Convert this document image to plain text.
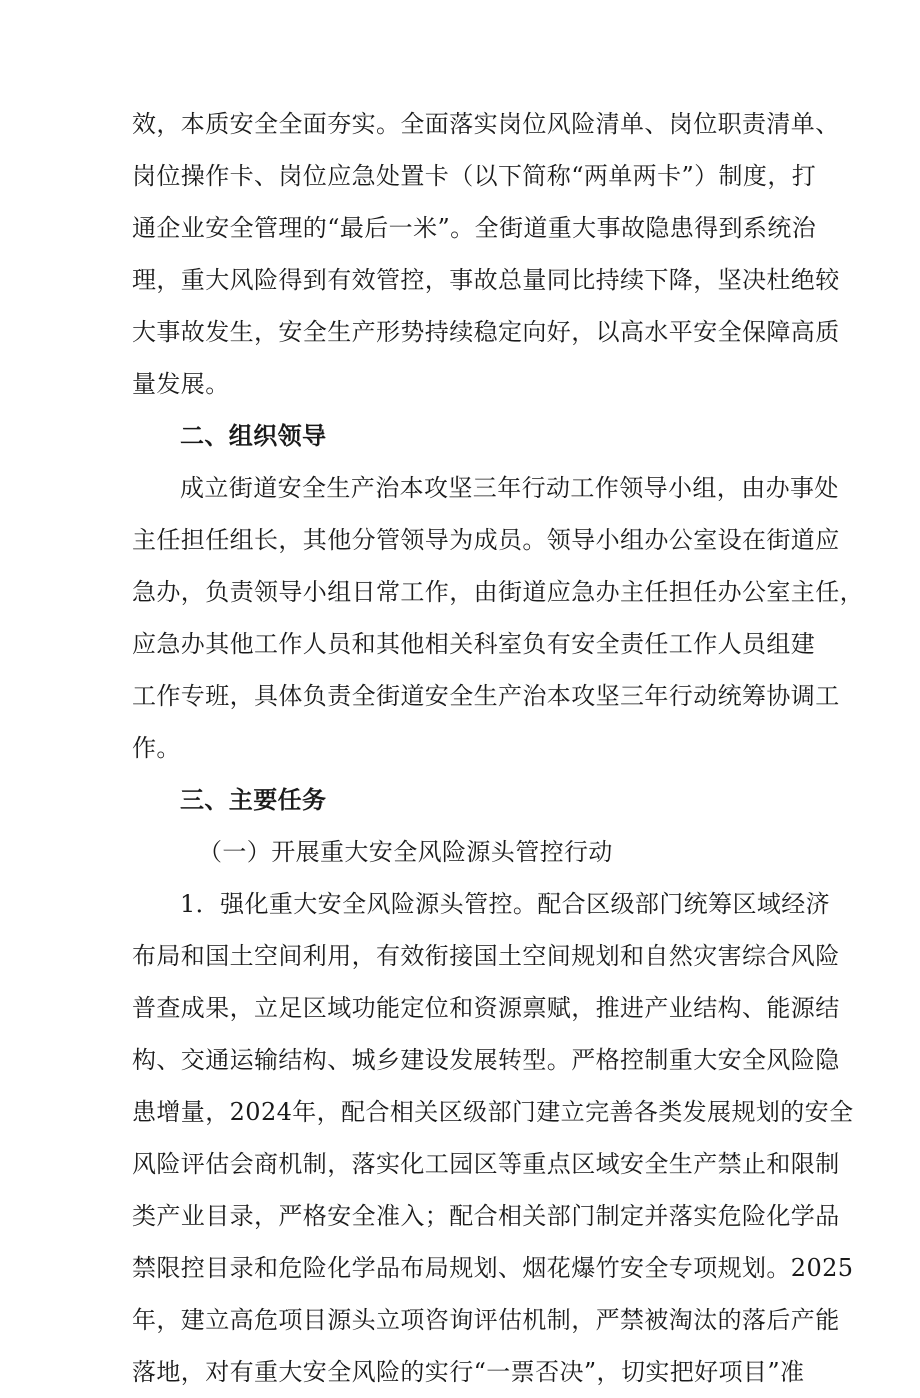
效，本质安全全面夯实。全面落实岗位风险清单、岗位职责清单、
岗位操作卡、岗位应急处置卡（以下简称“两单两卡”）制度，打
通企业安全管理的“最后一米”。全街道重大事故隐患得到系统治
理，重大风险得到有效管控，事故总量同比持续下降，坚决杜绝较
大事故发生，安全生产形势持续稳定向好，以高水平安全保障高质
量发展。
二、组织领导
成立街道安全生产治本攻坚三年行动工作领导小组，由办事处
主任担任组长，其他分管领导为成员。领导小组办公室设在街道应
急办，负责领导小组日常工作，由街道应急办主任担任办公室主任，
应急办其他工作人员和其他相关科室负有安全责任工作人员组建
工作专班，具体负责全街道安全生产治本攻坚三年行动统筹协调工
作。
三、主要任务
（一）开展重大安全风险源头管控行动
1．强化重大安全风险源头管控。配合区级部门统筹区域经济
布局和国土空间利用，有效衔接国土空间规划和自然灾害综合风险
普查成果，立足区域功能定位和资源禀赋，推进产业结构、能源结
构、交通运输结构、城乡建设发展转型。严格控制重大安全风险隐
患增量，2024年，配合相关区级部门建立完善各类发展规划的安全
风险评估会商机制，落实化工园区等重点区域安全生产禁止和限制
类产业目录，严格安全准入；配合相关部门制定并落实危险化学品
禁限控目录和危险化学品布局规划、烟花爆竹安全专项规划。2025
年，建立高危项目源头立项咨询评估机制，严禁被淘汰的落后产能
落地，对有重大安全风险的实行“一票否决”，切实把好项目”准
